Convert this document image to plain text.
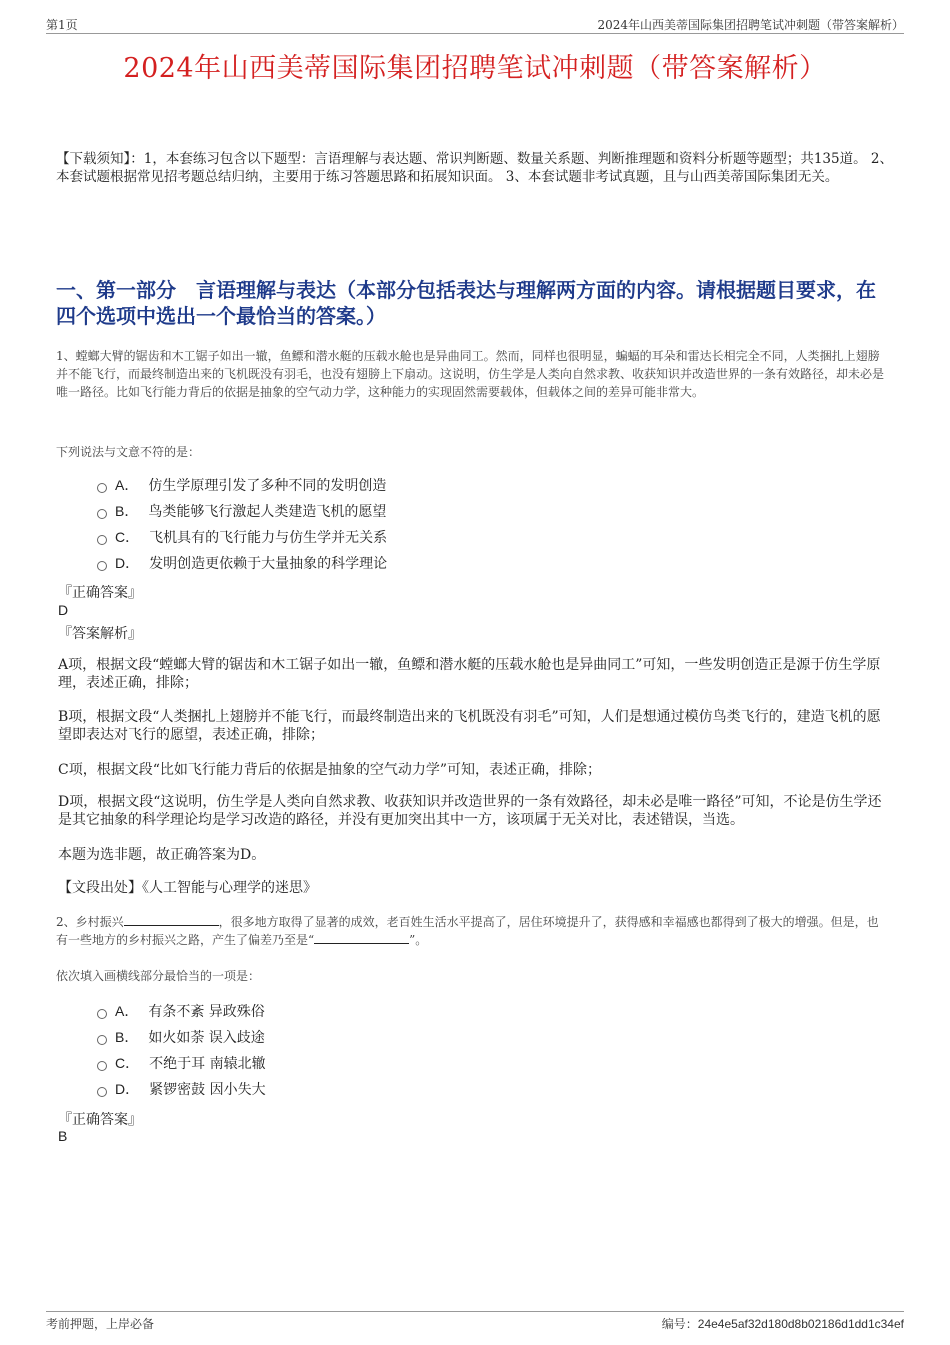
第1页	2024年山西美蒂国际集团招聘笔试冲刺题（带答案解析）
2024年山西美蒂国际集团招聘笔试冲刺题（带答案解析）

【下载须知】：1，本套练习包含以下题型：言语理解与表达题、常识判断题、数量关系题、判断推理题和资料分析题等题型；共135道。 2、本套试题根据常见招考题总结归纳，主要用于练习答题思路和拓展知识面。 3、本套试题非考试真题，且与山西美蒂国际集团无关。

一、第一部分　言语理解与表达（本部分包括表达与理解两方面的内容。请根据题目要求，在四个选项中选出一个最恰当的答案。）

1、螳螂大臂的锯齿和木工锯子如出一辙，鱼鳔和潜水艇的压载水舱也是异曲同工。然而，同样也很明显，蝙蝠的耳朵和雷达长相完全不同，人类捆扎上翅膀并不能飞行，而最终制造出来的飞机既没有羽毛，也没有翅膀上下扇动。这说明，仿生学是人类向自然求教、收获知识并改造世界的一条有效路径，却未必是唯一路径。比如飞行能力背后的依据是抽象的空气动力学，这种能力的实现固然需要载体，但载体之间的差异可能非常大。

下列说法与文意不符的是：

A． 仿生学原理引发了多种不同的发明创造
B． 鸟类能够飞行激起人类建造飞机的愿望
C． 飞机具有的飞行能力与仿生学并无关系
D． 发明创造更依赖于大量抽象的科学理论
『正确答案』
D
『答案解析』

A项，根据文段“螳螂大臂的锯齿和木工锯子如出一辙，鱼鳔和潜水艇的压载水舱也是异曲同工”可知，一些发明创造正是源于仿生学原理，表述正确，排除；

B项，根据文段“人类捆扎上翅膀并不能飞行，而最终制造出来的飞机既没有羽毛”可知，人们是想通过模仿鸟类飞行的，建造飞机的愿望即表达对飞行的愿望，表述正确，排除；

C项，根据文段“比如飞行能力背后的依据是抽象的空气动力学”可知，表述正确，排除；

D项，根据文段“这说明，仿生学是人类向自然求教、收获知识并改造世界的一条有效路径，却未必是唯一路径”可知，不论是仿生学还是其它抽象的科学理论均是学习改造的路径，并没有更加突出其中一方，该项属于无关对比，表述错误，当选。

本题为选非题，故正确答案为D。

【文段出处】《人工智能与心理学的迷思》

2、乡村振兴	，很多地方取得了显著的成效，老百姓生活水平提高了，居住环境提升了，获得感和幸福感也都得到了极大的增强。但是，也有一些地方的乡村振兴之路，产生了偏差乃至是“	”。

依次填入画横线部分最恰当的一项是：

A． 有条不紊 异政殊俗
B． 如火如荼 误入歧途
C． 不绝于耳 南辕北辙
D． 紧锣密鼓 因小失大
『正确答案』
B
考前押题，上岸必备	编号：24e4e5af32d180d8b02186d1dd1c34ef
